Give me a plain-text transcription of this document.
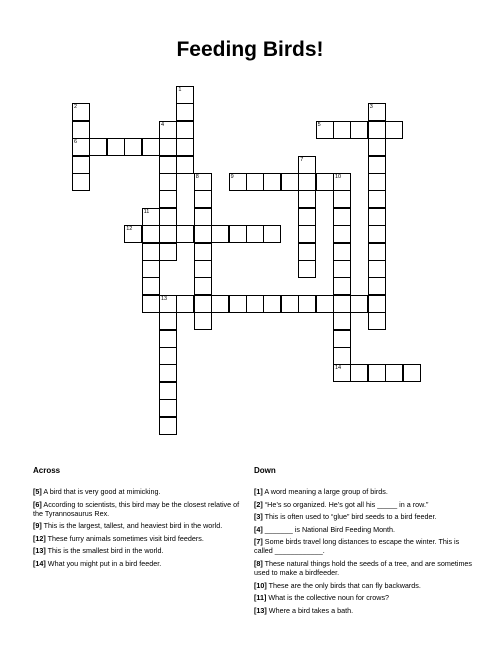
Feeding Birds!
1
2
6
3
4	5
7
8	9	10
14
11
12
13
Across
[5] A bird that is very good at mimicking.
[6] According to scientists, this bird may be the closest relative of the Tyrannosaurus Rex.
[9] This is the largest, tallest, and heaviest bird in the world.
[12] These furry animals sometimes visit bird feeders.
[13] This is the smallest bird in the world.
[14] What you might put in a bird feeder.
Down
[1] A word meaning a large group of birds.
[2] “He’s so organized. He’s got all his _____ in a row.”
[3] This is often used to “glue” bird seeds to a bird feeder.
[4] _______ is National Bird Feeding Month.
[7] Some birds travel long distances to escape the winter. This is called ____________.
[8] These natural things hold the seeds of a tree, and are sometimes used to make a birdfeeder.
[10] These are the only birds that can fly backwards.
[11] What is the collective noun for crows?
[13] Where a bird takes a bath.
